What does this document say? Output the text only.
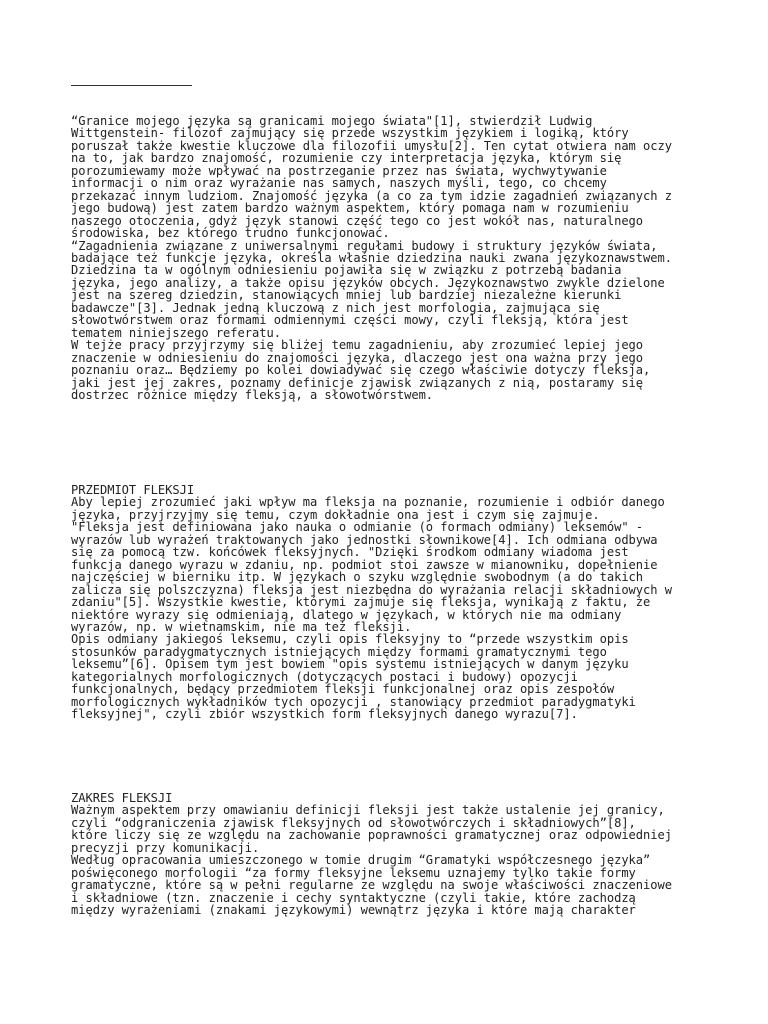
“Granice mojego języka są granicami mojego świata"[1], stwierdził Ludwig
Wittgenstein- filozof zajmujący się przede wszystkim językiem i logiką, który
poruszał także kwestie kluczowe dla filozofii umysłu[2]. Ten cytat otwiera nam oczy
na to, jak bardzo znajomość, rozumienie czy interpretacja języka, którym się
porozumiewamy może wpływać na postrzeganie przez nas świata, wychwytywanie
informacji o nim oraz wyrażanie nas samych, naszych myśli, tego, co chcemy
przekazać innym ludziom. Znajomość języka (a co za tym idzie zagadnień związanych z
jego budową) jest zatem bardzo ważnym aspektem, który pomaga nam w rozumieniu
naszego otoczenia, gdyż język stanowi część tego co jest wokół nas, naturalnego
środowiska, bez którego trudno funkcjonować.
“Zagadnienia związane z uniwersalnymi regułami budowy i struktury języków świata,
badające też funkcje języka, określa właśnie dziedzina nauki zwana językoznawstwem.
Dziedzina ta w ogólnym odniesieniu pojawiła się w związku z potrzebą badania
języka, jego analizy, a także opisu języków obcych. Językoznawstwo zwykle dzielone
jest na szereg dziedzin, stanowiących mniej lub bardziej niezależne kierunki
badawcze"[3]. Jednak jedną kluczową z nich jest morfologia, zajmująca się
słowotwórstwem oraz formami odmiennymi części mowy, czyli fleksją, która jest
tematem niniejszego referatu.
W tejże pracy przyjrzymy się bliżej temu zagadnieniu, aby zrozumieć lepiej jego
znaczenie w odniesieniu do znajomości języka, dlaczego jest ona ważna przy jego
poznaniu oraz… Będziemy po kolei dowiadywać się czego właściwie dotyczy fleksja,
jaki jest jej zakres, poznamy definicje zjawisk związanych z nią, postaramy się
dostrzec różnice między fleksją, a słowotwórstwem.
PRZEDMIOT FLEKSJI
Aby lepiej zrozumieć jaki wpływ ma fleksja na poznanie, rozumienie i odbiór danego
języka, przyjrzyjmy się temu, czym dokładnie ona jest i czym się zajmuje.
"Fleksja jest definiowana jako nauka o odmianie (o formach odmiany) leksemów" -
wyrazów lub wyrażeń traktowanych jako jednostki słownikowe[4]. Ich odmiana odbywa
się za pomocą tzw. końcówek fleksyjnych. "Dzięki środkom odmiany wiadoma jest
funkcja danego wyrazu w zdaniu, np. podmiot stoi zawsze w mianowniku, dopełnienie
najczęściej w bierniku itp. W językach o szyku względnie swobodnym (a do takich
zalicza się polszczyzna) fleksja jest niezbędna do wyrażania relacji składniowych w
zdaniu"[5]. Wszystkie kwestie, którymi zajmuje się fleksja, wynikają z faktu, że
niektóre wyrazy się odmieniają, dlatego w językach, w których nie ma odmiany
wyrazów, np. w wietnamskim, nie ma też fleksji.
Opis odmiany jakiegoś leksemu, czyli opis fleksyjny to “przede wszystkim opis
stosunków paradygmatycznych istniejących między formami gramatycznymi tego
leksemu”[6]. Opisem tym jest bowiem "opis systemu istniejących w danym języku
kategorialnych morfologicznych (dotyczących postaci i budowy) opozycji
funkcjonalnych, będący przedmiotem fleksji funkcjonalnej oraz opis zespołów
morfologicznych wykładników tych opozycji , stanowiący przedmiot paradygmatyki
fleksyjnej", czyli zbiór wszystkich form fleksyjnych danego wyrazu[7].
ZAKRES FLEKSJI
Ważnym aspektem przy omawianiu definicji fleksji jest także ustalenie jej granicy,
czyli “odgraniczenia zjawisk fleksyjnych od słowotwórczych i składniowych”[8],
które liczy się ze względu na zachowanie poprawności gramatycznej oraz odpowiedniej
precyzji przy komunikacji.
Według opracowania umieszczonego w tomie drugim “Gramatyki współczesnego języka”
poświęconego morfologii “za formy fleksyjne leksemu uznajemy tylko takie formy
gramatyczne, które są w pełni regularne ze względu na swoje właściwości znaczeniowe
i składniowe (tzn. znaczenie i cechy syntaktyczne (czyli takie, które zachodzą
między wyrażeniami (znakami językowymi) wewnątrz języka i które mają charakter
